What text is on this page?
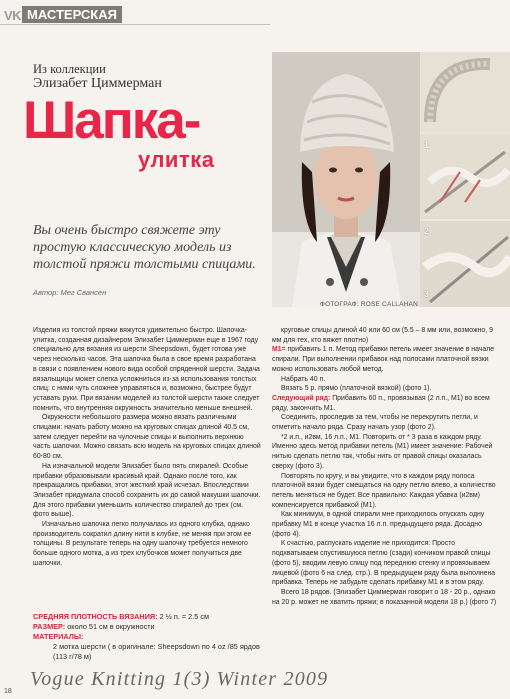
VK МАСТЕРСКАЯ
Из коллекции
Элизабет Циммерман
Шапка-
улитка
Вы очень быстро свяжете эту простую классическую модель из толстой пряжи толстыми спицами.
Автор: Мег Свансен
1
2
3
ФОТОГРАФ: ROSE CALLAHAN

Изделия из толстой пряжи вяжутся удивительно быстро. Шапочка-улитка, созданная дизайнером Элизабет Циммерман еще в 1967 году специально для вязания из шерсти Sheepsdown, будет готова уже через несколько часов. Эта шапочка была в свое время разработана в связи с появлением нового вида особой спряденной шерсти. Задача вязальщицы может слегка усложниться из-за использования толстых спиц: с ними чуть сложнее управляться и, возможно, быстрее будут уставать руки. При вязании моделей из толстой шерсти также следует помнить, что внутренняя окружность значительно меньше внешней.

Окружности небольшого размера можно вязать различными спицами: начать работу можно на круговых спицах длиной 40.5 см, затем следует перейти на чулочные спицы и выполнить верхнюю часть шапочки. Можно связать всю модель на круговых спицах длиной 60-80 см.

На изначальной модели Элизабет было пять спиралей. Особые прибавки образовывали красивый край. Однако после того, как прекращались прибавки, этот жесткий край исчезал. Впоследствии Элизабет придумала способ сохранить их до самой макушки шапочки. Для этого прибавки уменьшить количество спиралей до трех (см. фото выше).

Изначально шапочка легко получалась из одного клубка, однако производитель сократил длину нити в клубке, не меняя при этом ее толщины. В результате теперь на одну шапочку требуется немного больше одного мотка, а из трех клубочков может получиться две шапочки.

СРЕДНЯЯ ПЛОТНОСТЬ ВЯЗАНИЯ: 2 ½ п. = 2.5 см

РАЗМЕР: около 51 см в окружности

МАТЕРИАЛЫ:

2 мотка шерсти ( в оригинале: Sheepsdown по 4 oz /85 ярдов (113 г/78 м)

круговые спицы длиной 40 или 60 см (5.5 – 8 мм или, возможно, 9 мм для тех, кто вяжет плотно)

М1= прибавить 1 п. Метод прибавки петель имеет значение в начале спирали. При выполнении прибавок над полосами платочной вязки можно использовать любой метод.

Набрать 40 п.

Вязать 5 р. прямо (платочной вязкой) (фото 1).

Следующий ряд: Прибавить 60 п., провязывая (2 л.п., М1) во всем ряду, закончить М1.

Соединить, проследив за тем, чтобы не перекрутить петли, и отметить начало ряда. Сразу начать узор (фото 2).

*2 и.п., и2вм, 16 л.п., М1. Повторить от * 3 раза в каждом ряду. Именно здесь метод прибавки петель (М1) имеет значение: Рабочей нитью сделать петлю так, чтобы нить от правой спицы оказалась сверху (фото 3).

Повторять по кругу, и вы увидите, что в каждом ряду полоса платочной вязки будет смещаться на одну петлю влево, а количество петель меняться не будет. Все правильно: Каждая убавка (и2вм) компенсируется прибавкой (М1).

Как минимум, в одной спирали мне приходилось опускать одну прибавку М1 в конце участка 16 л.п. предыдущего ряда. Досадно (фото 4).

К счастью, распускать изделие не приходится: Просто подхватываем спустившуюся петлю (сзади) кончиком правой спицы (фото 5), вводим левую спицу под переднюю стенку и провязываем лицевой (фото 6 на след. стр.). В предыдущем ряду была выполнена прибавка. Теперь не забудьте сделать прибавку М1 и в этом ряду.

Всего 18 рядов. (Элизабет Циммерман говорит о 18 - 20 р., однако на 20 р. может не хватить пряжи; в показанной модели 18 р.) (фото 7)

Vogue Knitting 1(3) Winter 2009
18
